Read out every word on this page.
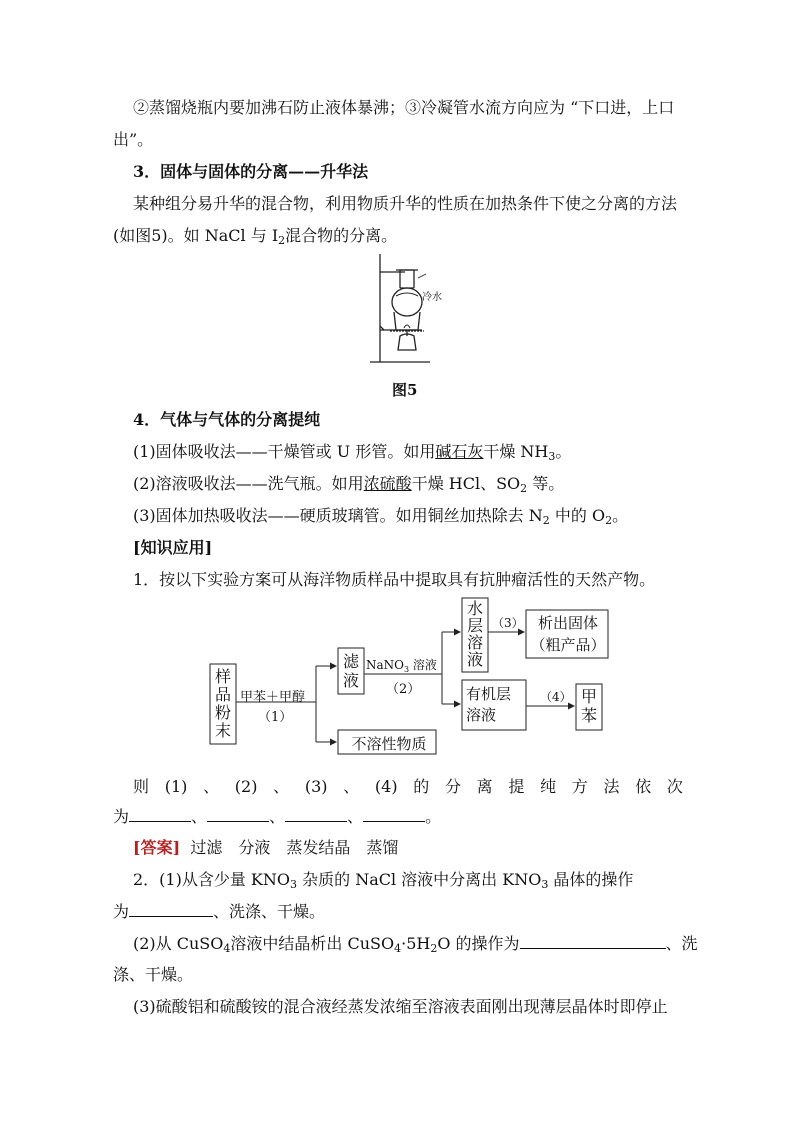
②蒸馏烧瓶内要加沸石防止液体暴沸；③冷凝管水流方向应为 “下口进，上口
出”。
3．固体与固体的分离——升华法
某种组分易升华的混合物，利用物质升华的性质在加热条件下使之分离的方法
(如图5)。如 NaCl 与 $I_2$混合物的分离。
冷水
图5
4．气体与气体的分离提纯
(1)固体吸收法——干燥管或 U 形管。如用碱石灰干燥 $NH_3$。
(2)溶液吸收法——洗气瓶。如用浓硫酸干燥 HCl、$SO_2$ 等。
(3)固体加热吸收法——硬质玻璃管。如用铜丝加热除去 $N_2$ 中的 $O_2$。
[知识应用]
1．按以下实验方案可从海洋物质样品中提取具有抗肿瘤活性的天然产物。
样
品
粉
末
甲苯＋甲醇
（1）
滤
液
不溶性物质
NaNO$_3$ 溶液
（2）
水
层
溶
液
有机层
溶液
（3）
（4）
析出固体
（粗产品）
甲
苯
则 (1) 、 (2) 、 (3) 、 (4) 的 分 离 提 纯 方 法 依 次
为	、	、	、	。
[答案] 过滤　分液　蒸发结晶　蒸馏
2．(1)从含少量 $KNO_3$ 杂质的 NaCl 溶液中分离出 $KNO_3$ 晶体的操作
为	、洗涤、干燥。
(2)从 CuSO$_4$溶液中结晶析出 $CuSO_4\cdot 5H_2O$ 的操作为	、洗
涤、干燥。
(3)硫酸铝和硫酸铵的混合液经蒸发浓缩至溶液表面刚出现薄层晶体时即停止
